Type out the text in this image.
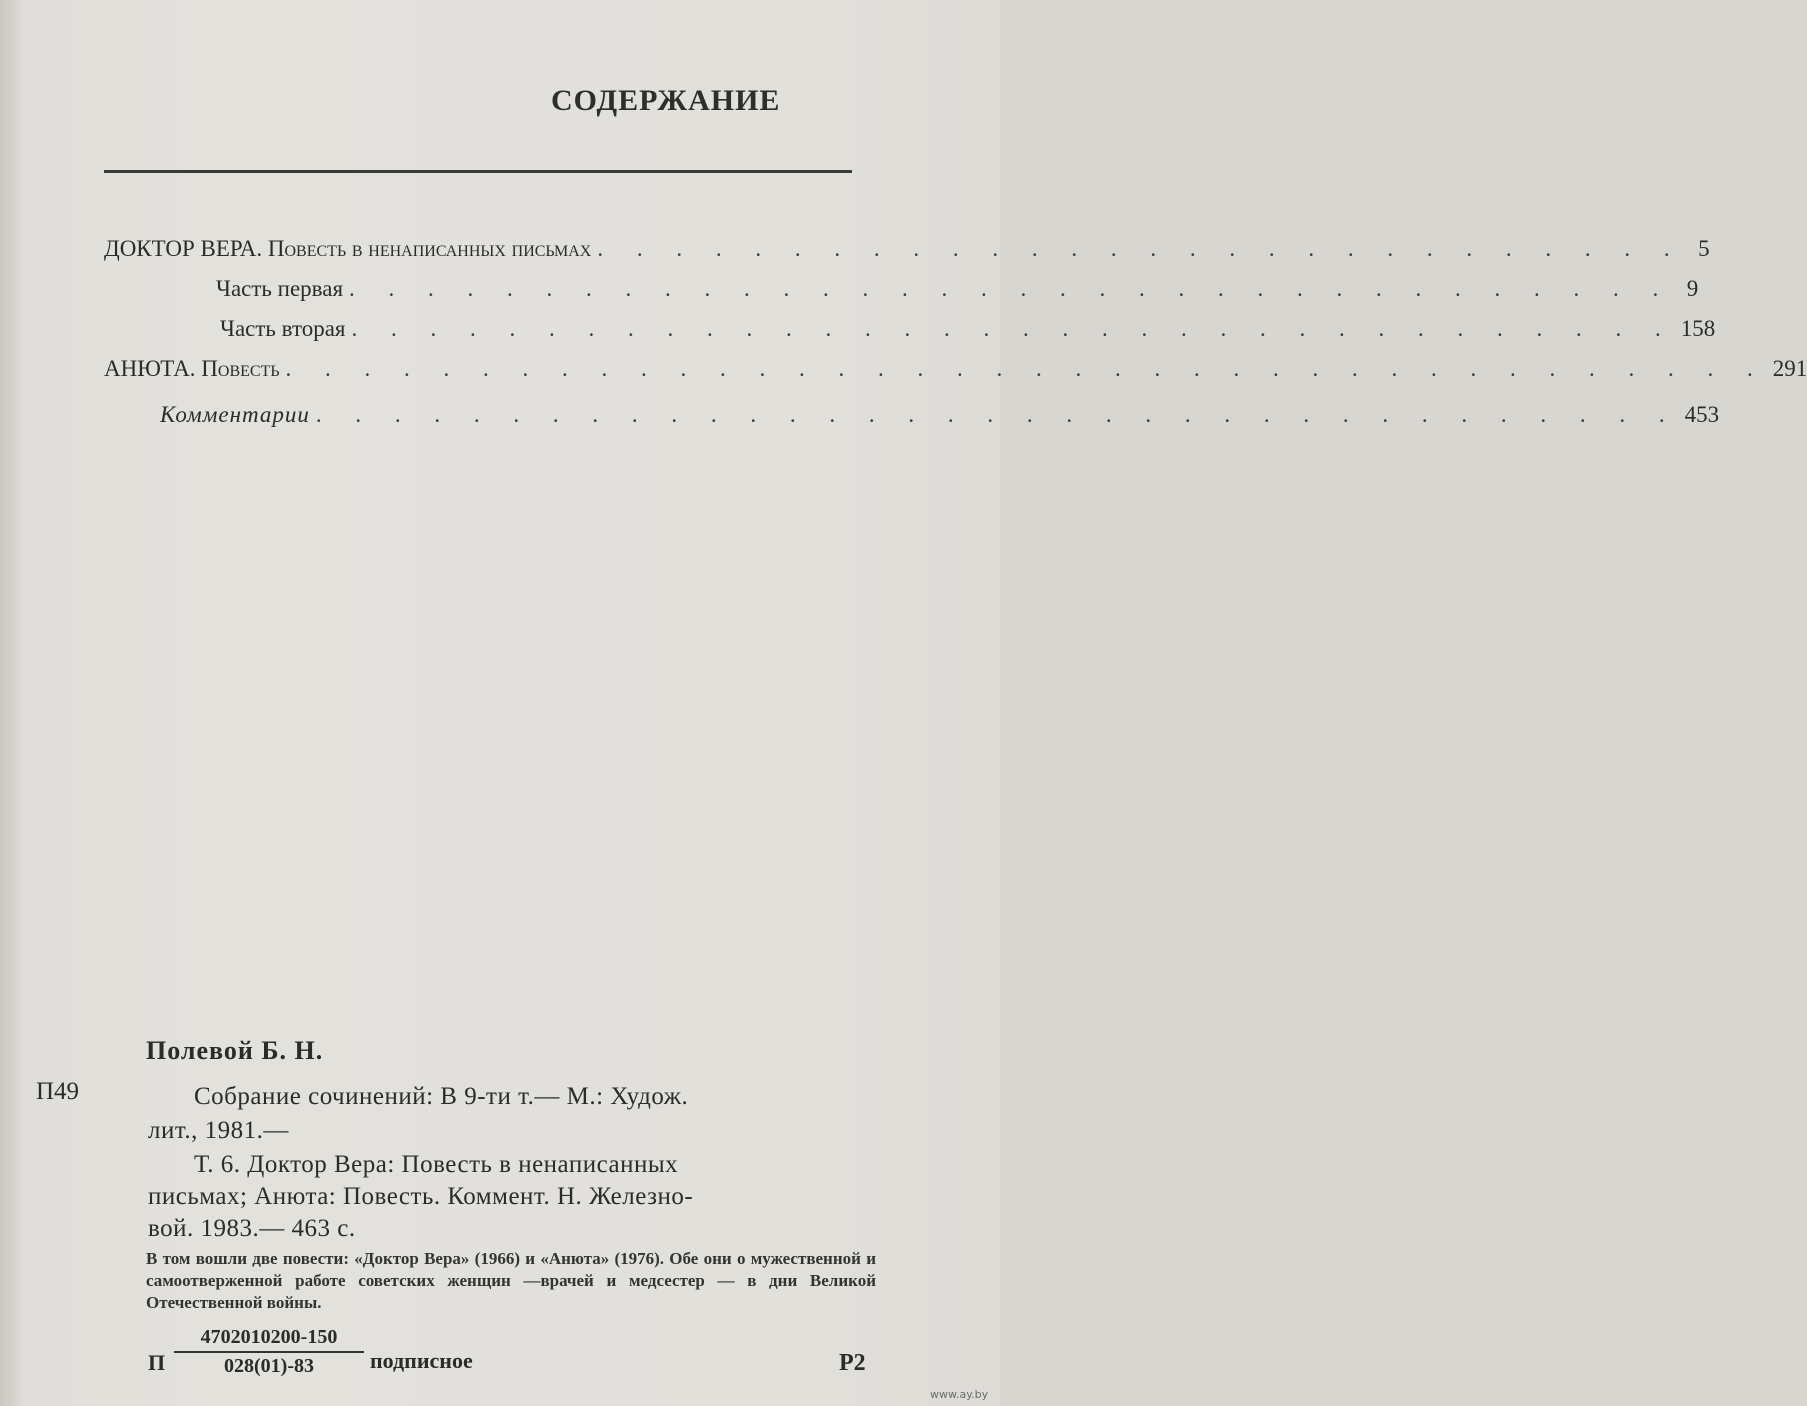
СОДЕРЖАНИЕ
ДОКТОР ВЕРА. Повесть в ненаписанных письмах . . . . . . . . . . . . . . . . . . . . . . . . . . . . 5
Часть первая . . . . . . . . . . . . . . . . . . . . . . . . . . . . . . . . . . 9
Часть вторая . . . . . . . . . . . . . . . . . . . . . . . . . . . . . . . . . . 158
АНЮТА. Повесть . . . . . . . . . . . . . . . . . . . . . . . . . . . . . . . . . . . . . . 291
Комментарии . . . . . . . . . . . . . . . . . . . . . . . . . . . . . . . . . . . 453
Полевой Б. Н.
П49	Собрание сочинений: В 9-ти т.— М.: Худож.
лит., 1981.—
Т. 6. Доктор Вера: Повесть в ненаписанных
письмах; Анюта: Повесть. Коммент. Н. Железно-
вой. 1983.— 463 с.
В том вошли две повести: «Доктор Вера» (1966) и «Анюта» (1976). Обе они о мужественной и самоотверженной работе советских женщин —врачей и медсестер — в дни Великой Отечественной войны.
П $\frac{4702010200-150}{028(01)-83}$ подписное	Р2
www.ay.by
